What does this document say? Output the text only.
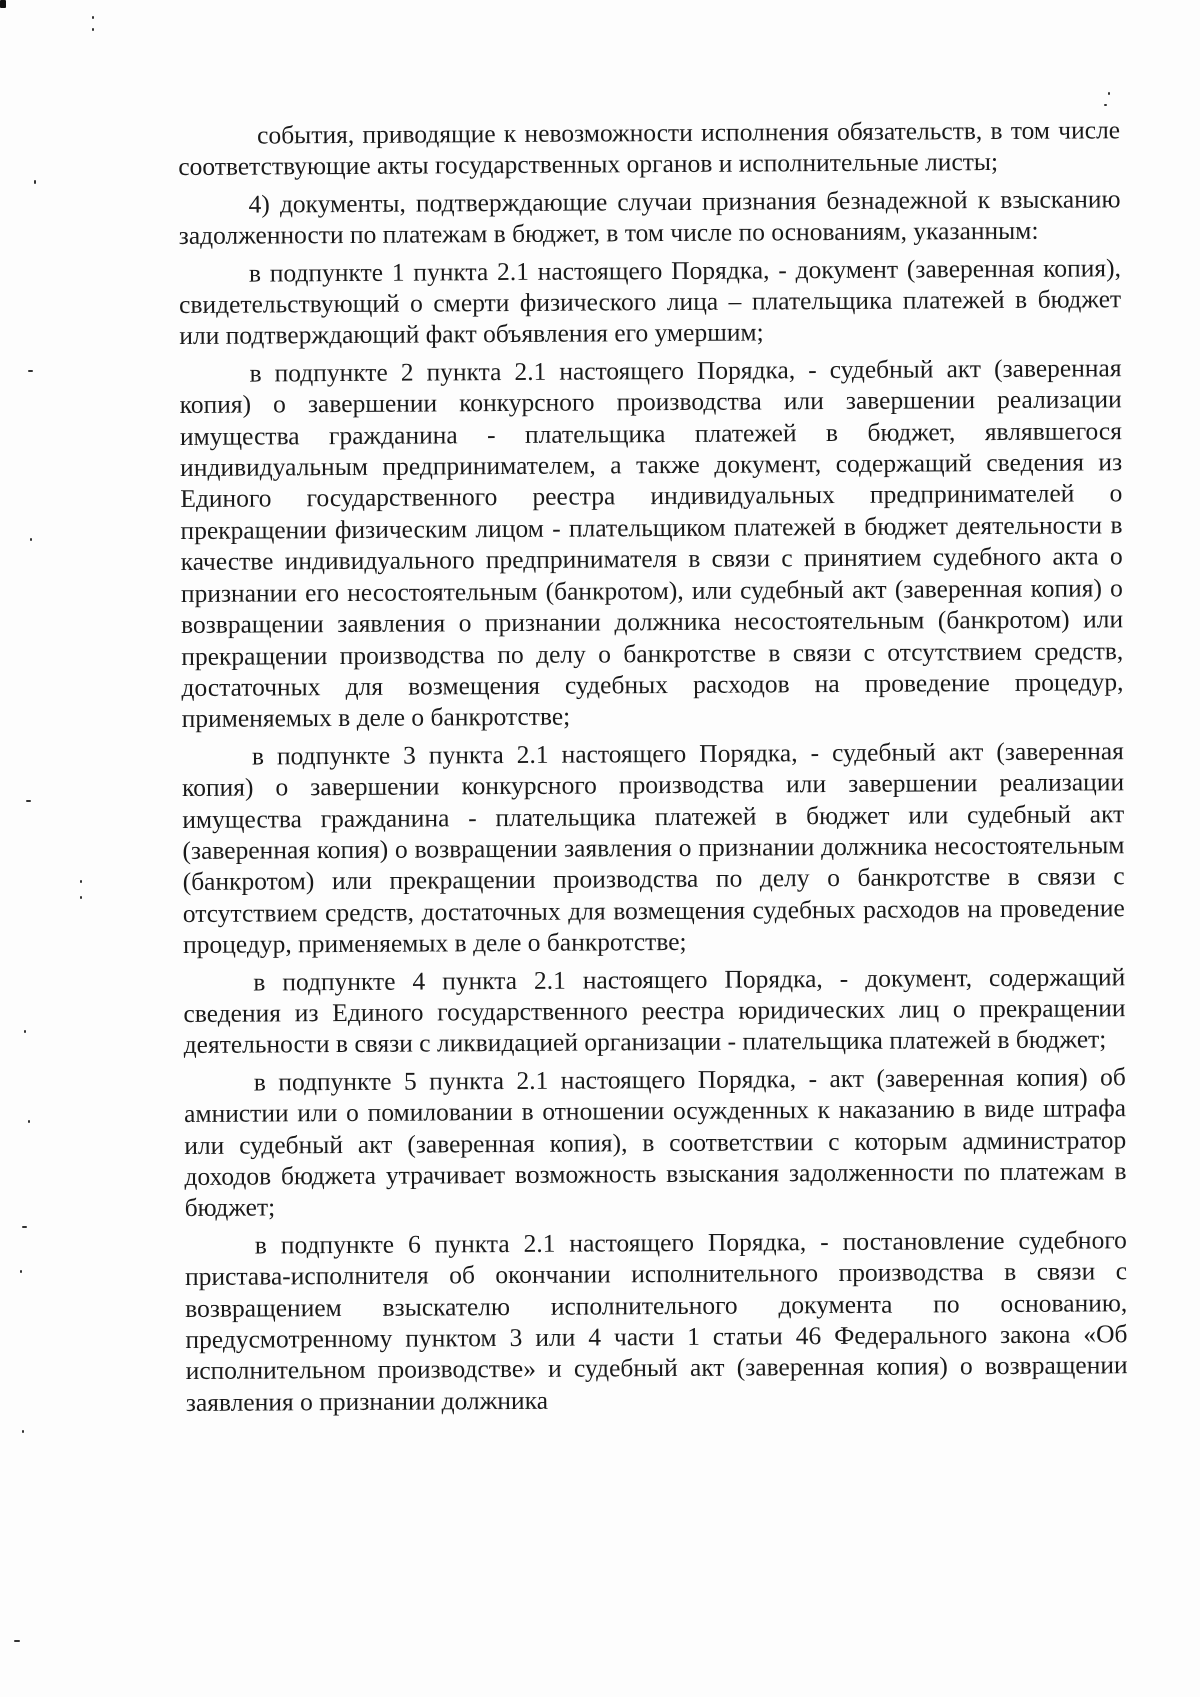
события, приводящие к невозможности исполнения обязательств, в том числе соответствующие акты государственных органов и исполнительные листы;

4) документы, подтверждающие случаи признания безнадежной к взысканию задолженности по платежам в бюджет, в том числе по основаниям, указанным:

в подпункте 1 пункта 2.1 настоящего Порядка, - документ (заверенная копия), свидетельствующий о смерти физического лица – плательщика платежей в бюджет или подтверждающий факт объявления его умершим;

в подпункте 2 пункта 2.1 настоящего Порядка, - судебный акт (заверенная копия) о завершении конкурсного производства или завершении реализации имущества гражданина - плательщика платежей в бюджет, являвшегося индивидуальным предпринимателем, а также документ, содержащий сведения из Единого государственного реестра индивидуальных предпринимателей о прекращении физическим лицом - плательщиком платежей в бюджет деятельности в качестве индивидуального предпринимателя в связи с принятием судебного акта о признании его несостоятельным (банкротом), или судебный акт (заверенная копия) о возвращении заявления о признании должника несостоятельным (банкротом) или прекращении производства по делу о банкротстве в связи с отсутствием средств, достаточных для возмещения судебных расходов на проведение процедур, применяемых в деле о банкротстве;

в подпункте 3 пункта 2.1 настоящего Порядка, - судебный акт (заверенная копия) о завершении конкурсного производства или завершении реализации имущества гражданина - плательщика платежей в бюджет или судебный акт (заверенная копия) о возвращении заявления о признании должника несостоятельным (банкротом) или прекращении производства по делу о банкротстве в связи с отсутствием средств, достаточных для возмещения судебных расходов на проведение процедур, применяемых в деле о банкротстве;

в подпункте 4 пункта 2.1 настоящего Порядка, - документ, содержащий сведения из Единого государственного реестра юридических лиц о прекращении деятельности в связи с ликвидацией организации - плательщика платежей в бюджет;

в подпункте 5 пункта 2.1 настоящего Порядка, - акт (заверенная копия) об амнистии или о помиловании в отношении осужденных к наказанию в виде штрафа или судебный акт (заверенная копия), в соответствии с которым администратор доходов бюджета утрачивает возможность взыскания задолженности по платежам в бюджет;

в подпункте 6 пункта 2.1 настоящего Порядка, - постановление судебного пристава-исполнителя об окончании исполнительного производства в связи с возвращением взыскателю исполнительного документа по основанию, предусмотренному пунктом 3 или 4 части 1 статьи 46 Федерального закона «Об исполнительном производстве» и судебный акт (заверенная копия) о возвращении заявления о признании должника
